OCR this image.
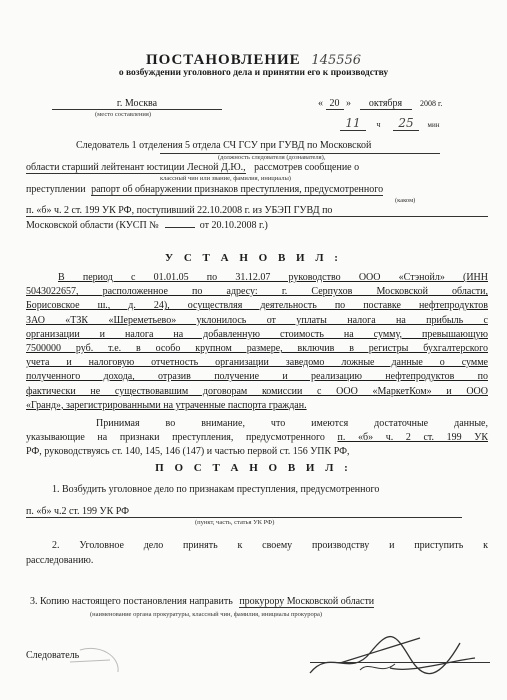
ПОСТАНОВЛЕНИЕ 145556
о возбуждении уголовного дела и принятии его к производству
г. Москва
(место составления)
« 20 » октября 2008 г.
11 ч 25 мин
Следователь 1 отделения 5 отдела СЧ ГСУ при ГУВД по Московской
(должность следователя (дознавателя),
области старший лейтенант юстиции Лесной Д.Ю., рассмотрев сообщение о
классный чин или звание, фамилия, инициалы)
преступлении рапорт об обнаружении признаков преступления, предусмотренного
(каком)
п. «б» ч. 2 ст. 199 УК РФ, поступивший 22.10.2008 г. из УБЭП ГУВД по
Московской области (КУСП №	от 20.10.2008 г.)
У С Т А Н О В И Л :
В период с 01.01.05 по 31.12.07 руководство ООО «Стэнойл» (ИНН
5043022657, расположенное по адресу: г. Серпухов Московской области,
Борисовское ш., д. 24), осуществляя деятельность по поставке нефтепродуктов
ЗАО «ТЗК «Шереметьево» уклонилось от уплаты налога на прибыль с
организации и налога на добавленную стоимость на сумму, превышающую
7500000 руб. т.е. в особо крупном размере, включив в регистры бухгалтерского
учета и налоговую отчетность организации заведомо ложные данные о сумме
полученного дохода, отразив получение и реализацию нефтепродуктов по
фактически не существовавшим договорам комиссии с ООО «МаркетКом» и ООО
«Гранд», зарегистрированными на утраченные паспорта граждан.
Принимая во внимание, что имеются достаточные данные,
указывающие на признаки преступления, предусмотренного п. «б» ч. 2 ст. 199 УК
РФ, руководствуясь ст. 140, 145, 146 (147) и частью первой ст. 156 УПК РФ,
П О С Т А Н О В И Л :
1. Возбудить уголовное дело по признакам преступления, предусмотренного
п. «б» ч.2 ст. 199 УК РФ
(пункт, часть, статья УК РФ)
2. Уголовное дело принять к своему производству и приступить к
расследованию.
3. Копию настоящего постановления направить прокурору Московской области
(наименование органа прокуратуры, классный чин, фамилия, инициалы прокурора)
Следователь
